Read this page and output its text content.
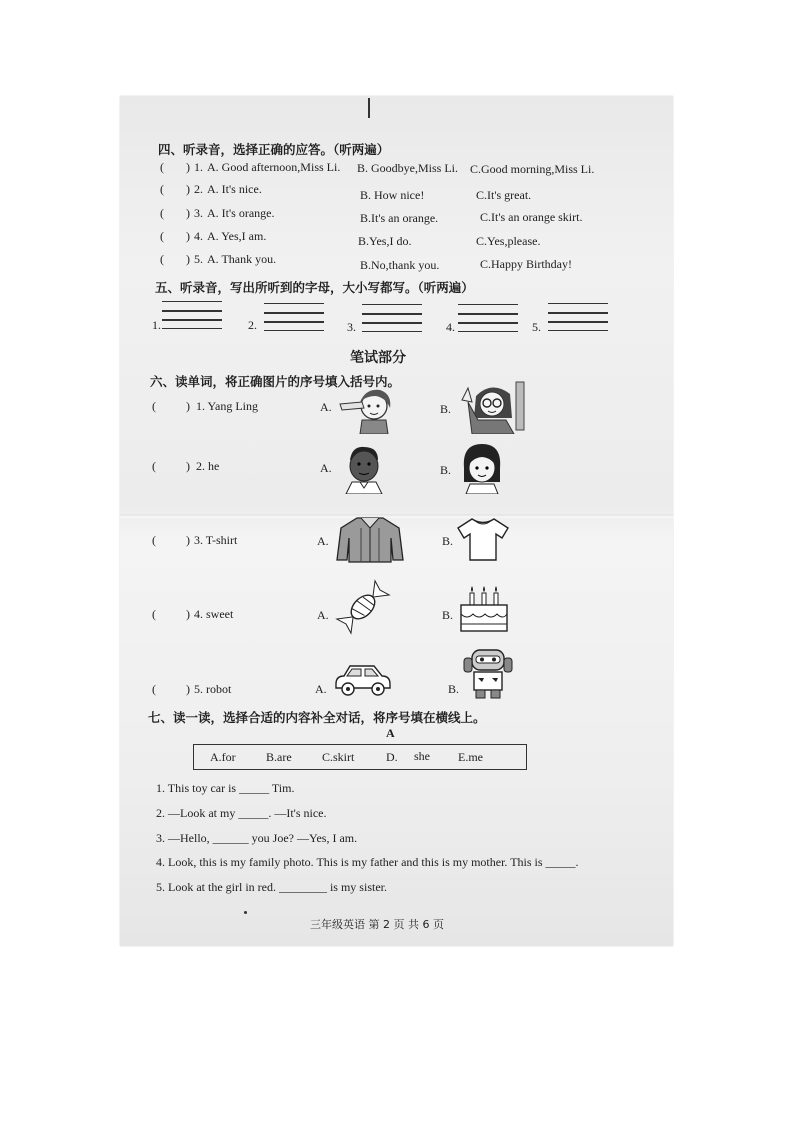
四、听录音，选择正确的应答。（听两遍）
( ) 1. A. Good afternoon,Miss Li. B. Goodbye,Miss Li. C.Good morning,Miss Li.
( ) 2. A. It's nice.	B. How nice!	C.It's great.
( ) 3. A. It's orange.	B.It's an orange.	C.It's an orange skirt.
( ) 4. A. Yes,I am.	B.Yes,I do.	C.Yes,please.
( ) 5. A. Thank you.	B.No,thank you.	C.Happy Birthday!
五、听录音，写出所听到的字母，大小写都写。（听两遍）
1.	2.	3.	4.	5.
笔试部分
六、读单词，将正确图片的序号填入括号内。
(	) 1. Yang Ling	A.	B.
(	) 2. he	A.	B.
(	) 3. T-shirt	A.	B.
(	) 4. sweet	A.	B.
(	) 5. robot	A.	B.
七、读一读，选择合适的内容补全对话，将序号填在横线上。
A
A.for	B.are	C.skirt	D. she E.me
1. This toy car is _____ Tim.
2. —Look at my _____. —It's nice.
3. —Hello, ______ you Joe? —Yes, I am.
4. Look, this is my family photo. This is my father and this is my mother. This is _____.
5. Look at the girl in red. ________ is my sister.
三年级英语 第 2 页 共 6 页
